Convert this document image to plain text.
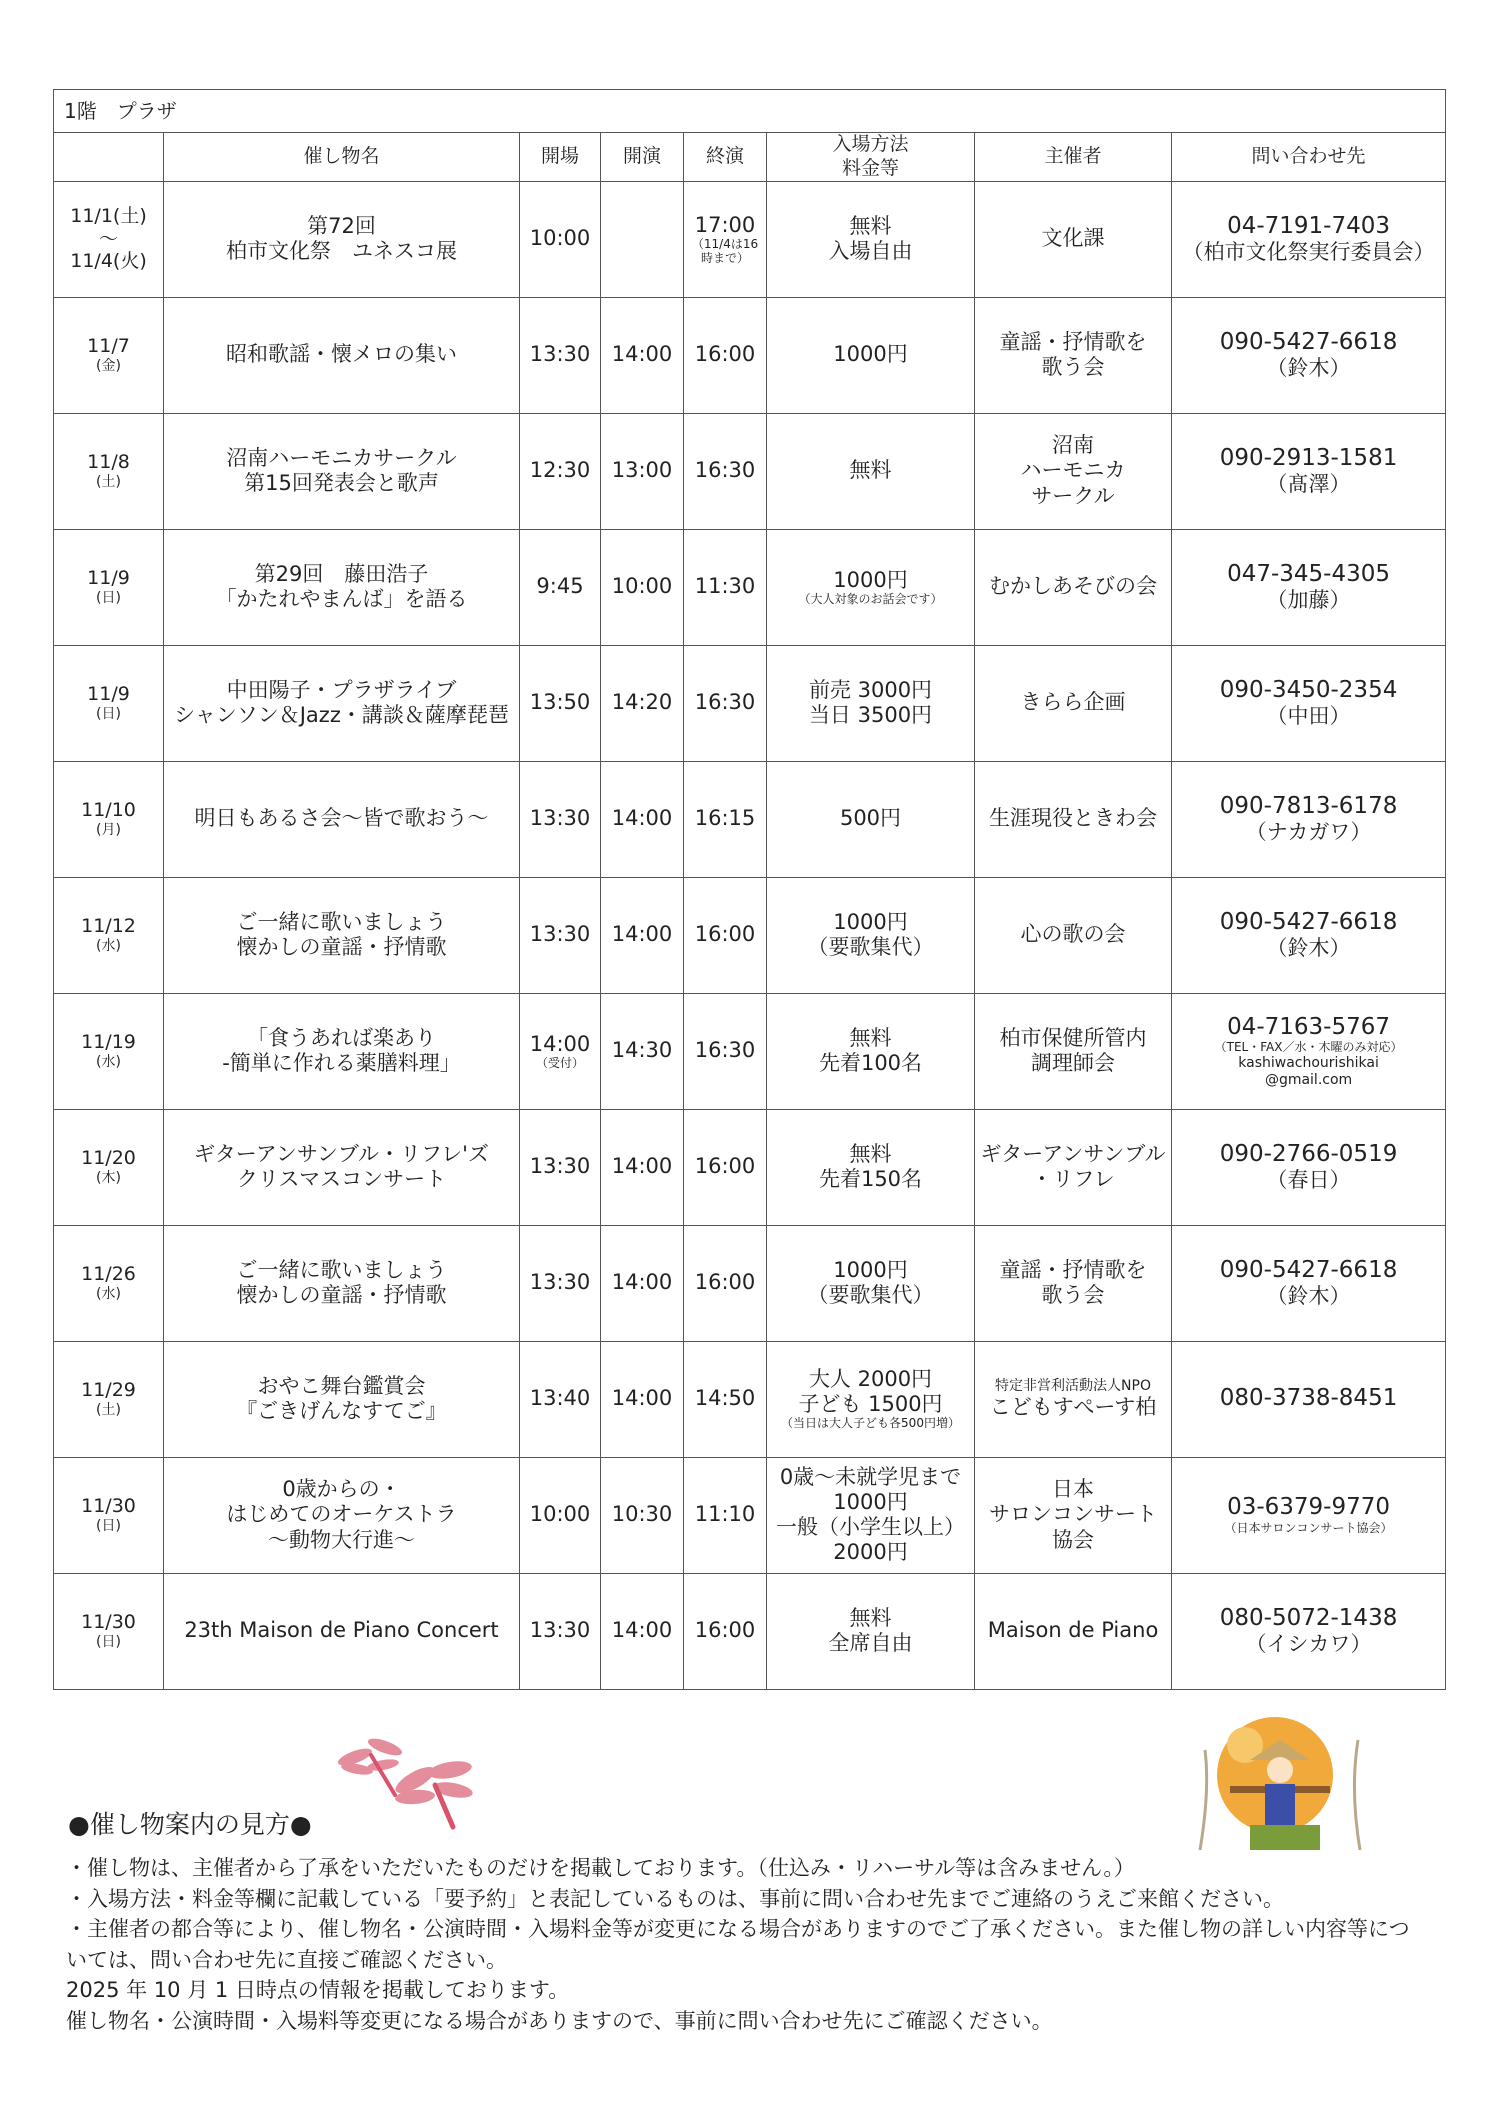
1階　プラザ							
	催し物名	開場	開演	終演	入場方法
料金等	主催者	問い合わせ先

11/1(土)
～
11/4(火)	第72回
柏市文化祭　ユネスコ展	10:00		17:00
（11/4は16時まで）	無料
入場自由	文化課	04-7191-7403
（柏市文化祭実行委員会）

11/7
(金)	昭和歌謡・懐メロの集い	13:30	14:00	16:00	1000円	童謡・抒情歌を
歌う会	090-5427-6618
（鈴木）

11/8
(土)	沼南ハーモニカサークル
第15回発表会と歌声	12:30	13:00	16:30	無料	沼南
ハーモニカ
サークル	090-2913-1581
（髙澤）

11/9
(日)	第29回　藤田浩子
「かたれやまんば」を語る	9:45	10:00	11:30	1000円
（大人対象のお話会です）	むかしあそびの会	047-345-4305
（加藤）

11/9
(日)	中田陽子・プラザライブ
シャンソン＆Jazz・講談＆薩摩琵琶	13:50	14:20	16:30	前売 3000円
当日 3500円	きらら企画	090-3450-2354
（中田）

11/10
(月)	明日もあるさ会～皆で歌おう～	13:30	14:00	16:15	500円	生涯現役ときわ会	090-7813-6178
（ナカガワ）

11/12
(水)	ご一緒に歌いましょう
懐かしの童謡・抒情歌	13:30	14:00	16:00	1000円
（要歌集代）	心の歌の会	090-5427-6618
（鈴木）

11/19
(水)	「食うあれば楽あり
-簡単に作れる薬膳料理」	14:00
（受付）	14:30	16:30	無料
先着100名	柏市保健所管内
調理師会	04-7163-5767
（TEL・FAX／水・木曜のみ対応）
kashiwachourishikai
@gmail.com

11/20
(木)	ギターアンサンブル・リフレ'ズ
クリスマスコンサート	13:30	14:00	16:00	無料
先着150名	ギターアンサンブル
・リフレ	090-2766-0519
（春日）

11/26
(水)	ご一緒に歌いましょう
懐かしの童謡・抒情歌	13:30	14:00	16:00	1000円
（要歌集代）	童謡・抒情歌を
歌う会	090-5427-6618
（鈴木）

11/29
(土)	おやこ舞台鑑賞会
『ごきげんなすてご』	13:40	14:00	14:50	大人 2000円
子ども 1500円
（当日は大人子ども各500円増）	特定非営利活動法人NPO
こどもすぺーす柏	080-3738-8451

11/30
(日)	0歳からの・
はじめてのオーケストラ
～動物大行進～	10:00	10:30	11:10	0歳～未就学児まで
1000円
一般（小学生以上）
2000円	日本
サロンコンサート
協会	03-6379-9770
（日本サロンコンサート協会）

11/30
(日)	23th Maison de Piano Concert	13:30	14:00	16:00	無料
全席自由	Maison de Piano	080-5072-1438
（イシカワ）
●催し物案内の見方●
・催し物は、主催者から了承をいただいたものだけを掲載しております。（仕込み・リハーサル等は含みません。）
・入場方法・料金等欄に記載している「要予約」と表記しているものは、事前に問い合わせ先までご連絡のうえご来館ください。
・主催者の都合等により、催し物名・公演時間・入場料金等が変更になる場合がありますのでご了承ください。また催し物の詳しい内容等については、問い合わせ先に直接ご確認ください。
2025 年 10 月 1 日時点の情報を掲載しております。
催し物名・公演時間・入場料等変更になる場合がありますので、事前に問い合わせ先にご確認ください。
